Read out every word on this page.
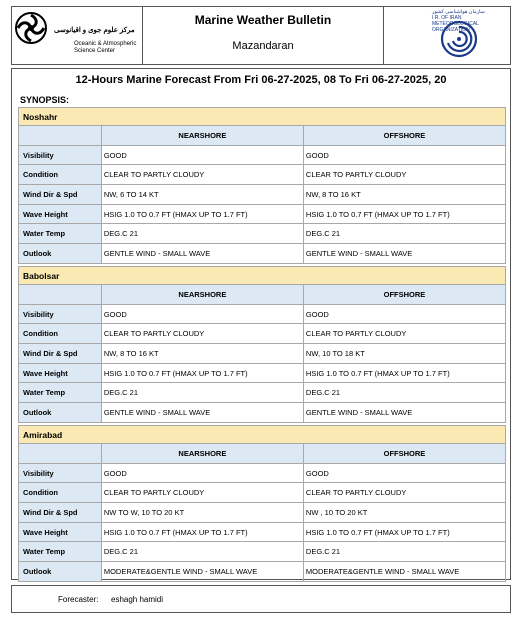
مرکز علوم جوی و اقیانوسی
Oceanic & Atmospheric
Science Center
Marine Weather Bulletin
Mazandaran
سازمان هواشناسی کشور
I.R. OF IRAN
METEOROLOGICAL
ORGANIZATION
12-Hours Marine Forecast From Fri 06-27-2025, 08 To Fri 06-27-2025, 20
SYNOPSIS:
Noshahr
	NEARSHORE	OFFSHORE
Visibility	GOOD	GOOD
Condition	CLEAR TO PARTLY CLOUDY	CLEAR TO PARTLY CLOUDY
Wind Dir & Spd	NW, 6 TO 14 KT	NW, 8 TO 16 KT
Wave Height	HSIG 1.0 TO 0.7 FT (HMAX UP TO 1.7 FT)	HSIG 1.0 TO 0.7 FT (HMAX UP TO 1.7 FT)
Water Temp	DEG.C 21	DEG.C 21
Outlook	GENTLE WIND - SMALL WAVE	GENTLE WIND - SMALL WAVE
Babolsar
	NEARSHORE	OFFSHORE
Visibility	GOOD	GOOD
Condition	CLEAR TO PARTLY CLOUDY	CLEAR TO PARTLY CLOUDY
Wind Dir & Spd	NW, 8 TO 16 KT	NW, 10 TO 18 KT
Wave Height	HSIG 1.0 TO 0.7 FT (HMAX UP TO 1.7 FT)	HSIG 1.0 TO 0.7 FT (HMAX UP TO 1.7 FT)
Water Temp	DEG.C 21	DEG.C 21
Outlook	GENTLE WIND - SMALL WAVE	GENTLE WIND - SMALL WAVE
Amirabad
	NEARSHORE	OFFSHORE
Visibility	GOOD	GOOD
Condition	CLEAR TO PARTLY CLOUDY	CLEAR TO PARTLY CLOUDY
Wind Dir & Spd	NW TO W, 10 TO 20 KT	NW , 10 TO 20 KT
Wave Height	HSIG 1.0 TO 0.7 FT (HMAX UP TO 1.7 FT)	HSIG 1.0 TO 0.7 FT (HMAX UP TO 1.7 FT)
Water Temp	DEG.C 21	DEG.C 21
Outlook	MODERATE&GENTLE WIND - SMALL WAVE	MODERATE&GENTLE WIND - SMALL WAVE
Forecaster: eshagh hamidi
